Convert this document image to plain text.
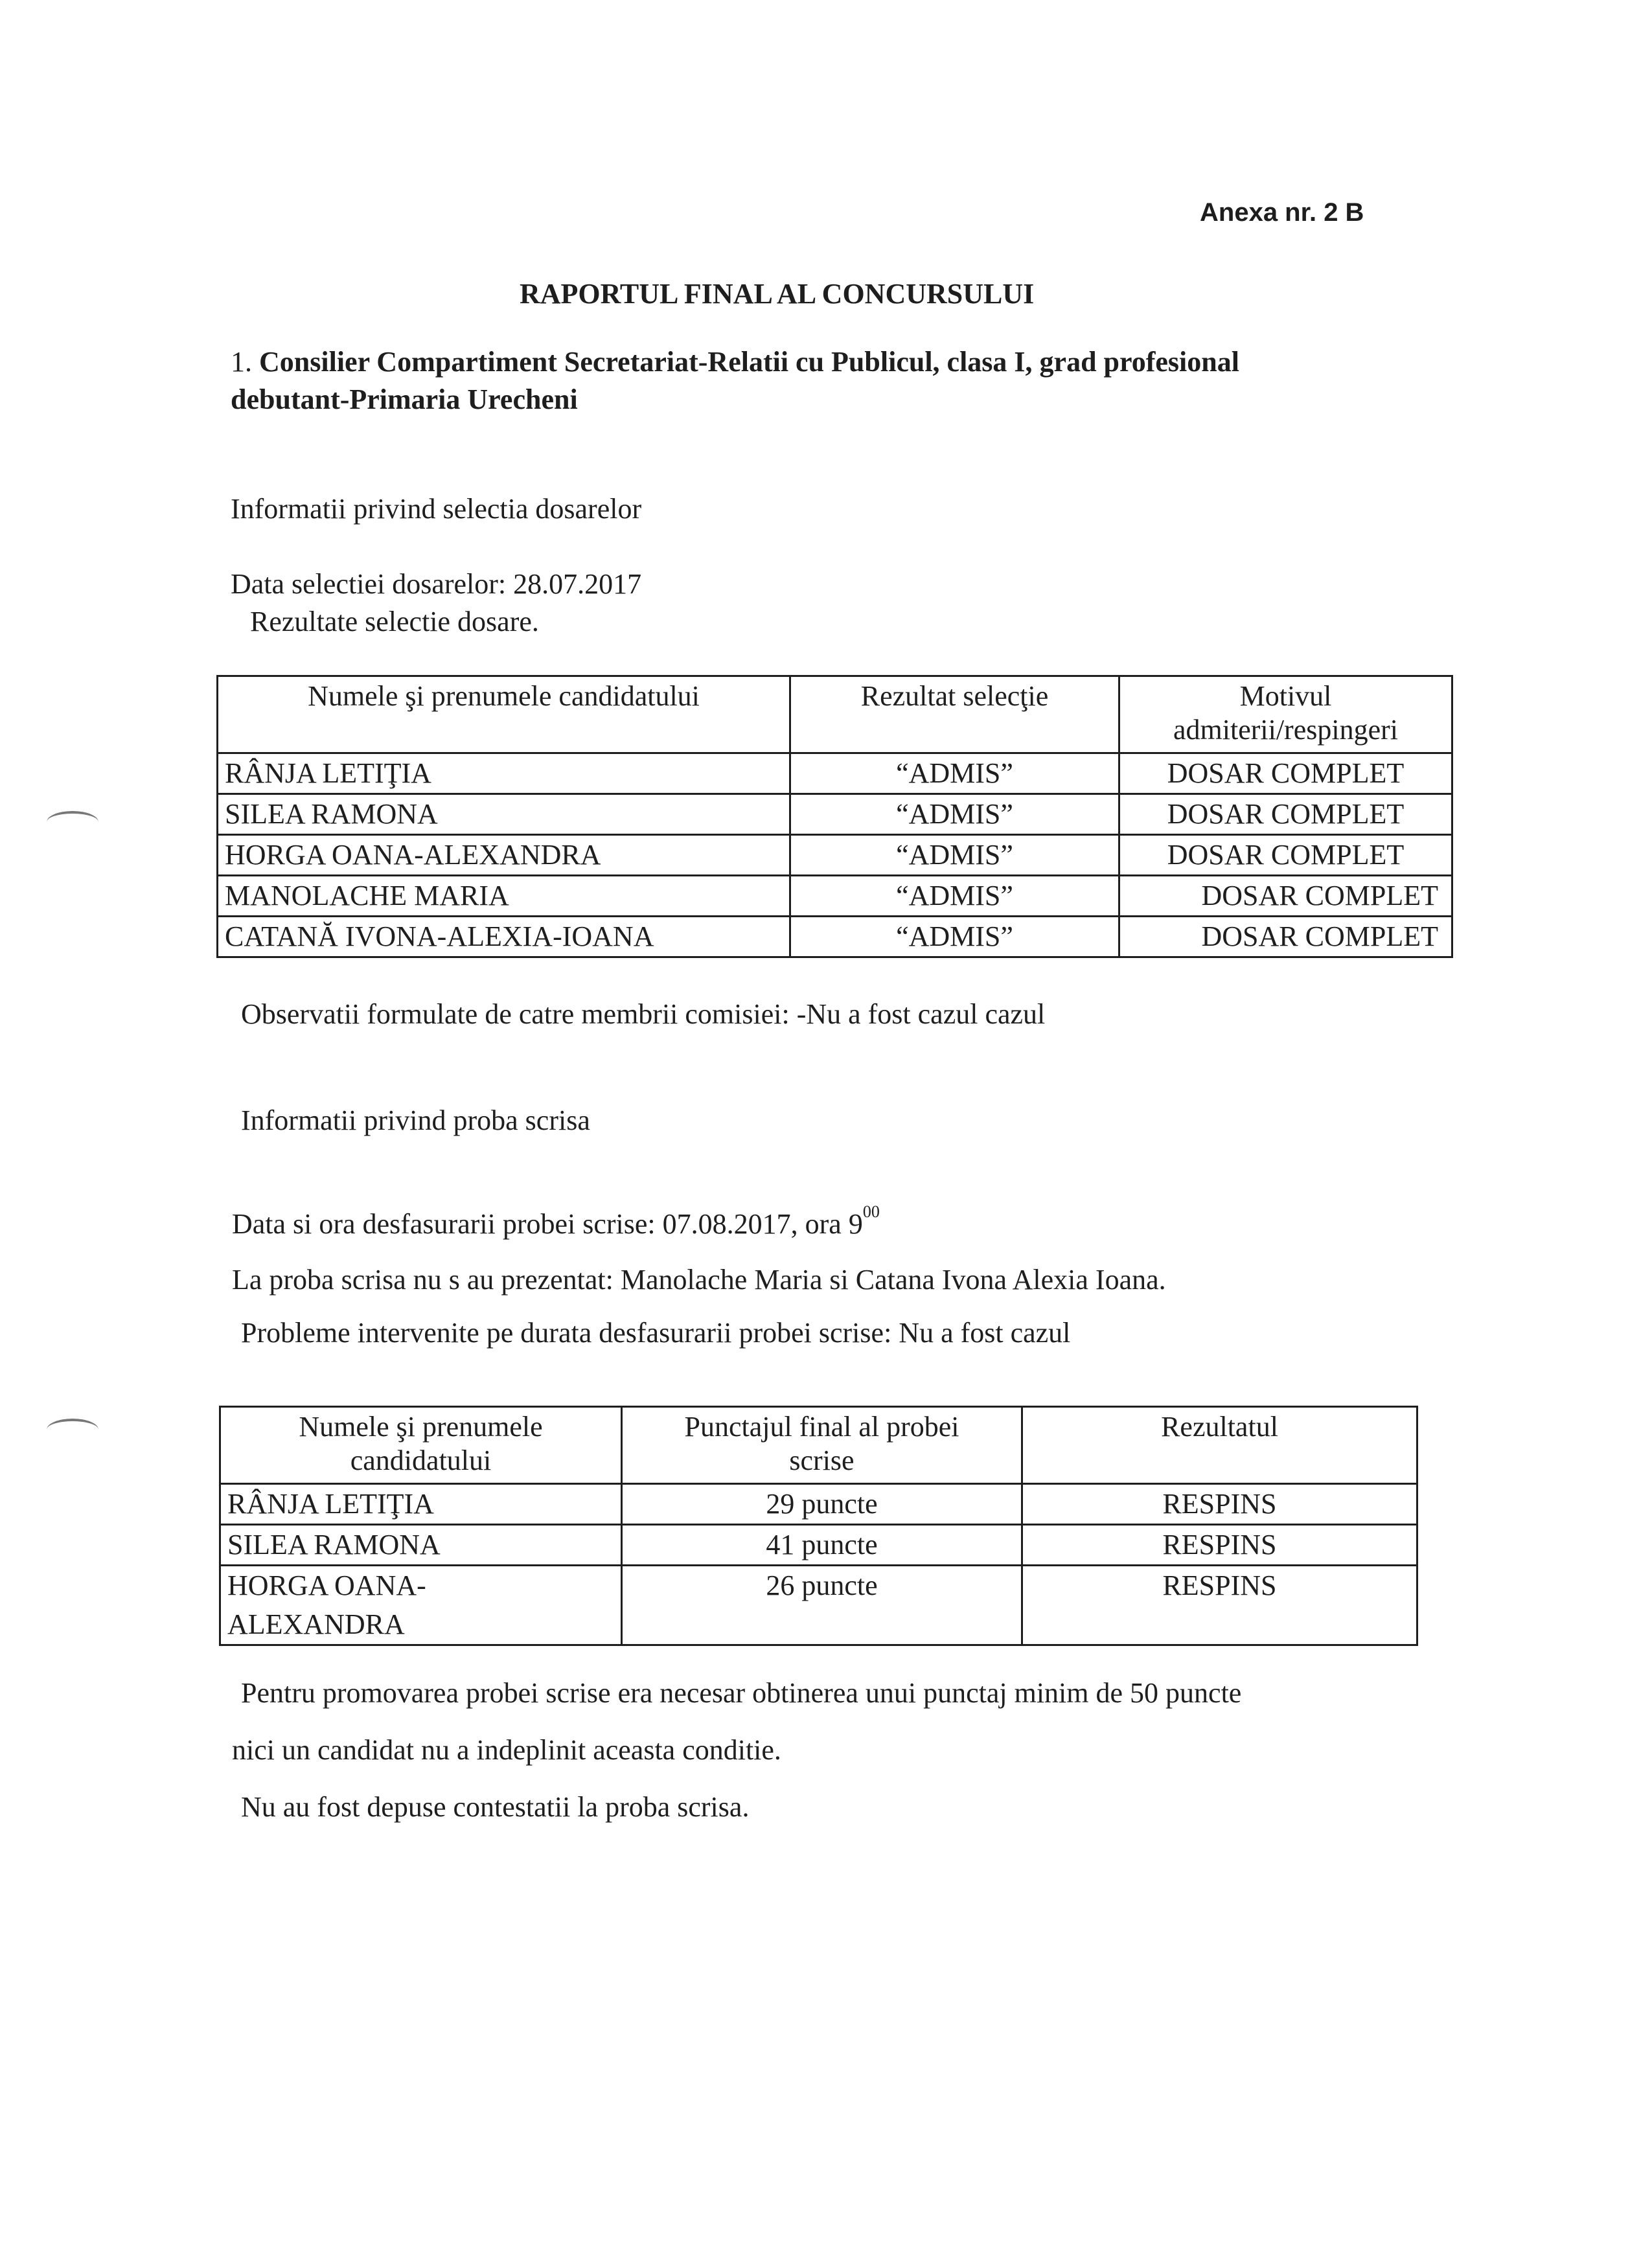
Anexa nr. 2 B
RAPORTUL FINAL AL CONCURSULUI
1. Consilier Compartiment Secretariat-Relatii cu Publicul, clasa I, grad profesional
debutant-Primaria Urecheni
Informatii privind selectia dosarelor
Data selectiei dosarelor: 28.07.2017
Rezultate selectie dosare.
Numele şi prenumele candidatului	Rezultat selecţie	Motivul admiterii/respingeri
RÂNJA LETIŢIA	“ADMIS”	DOSAR COMPLET
SILEA RAMONA	“ADMIS”	DOSAR COMPLET
HORGA OANA-ALEXANDRA	“ADMIS”	DOSAR COMPLET
MANOLACHE MARIA	“ADMIS”	DOSAR COMPLET
CATANĂ IVONA-ALEXIA-IOANA	“ADMIS”	DOSAR COMPLET
Observatii formulate de catre membrii comisiei: -Nu a fost cazul cazul
Informatii privind proba scrisa
Data si ora desfasurarii probei scrise: 07.08.2017, ora $9^{00}$
La proba scrisa nu s au prezentat: Manolache Maria si Catana Ivona Alexia Ioana.
Probleme intervenite pe durata desfasurarii probei scrise: Nu a fost cazul
Numele şi prenumele candidatului	Punctajul final al probei scrise	Rezultatul
RÂNJA LETIŢIA	29 puncte	RESPINS
SILEA RAMONA	41 puncte	RESPINS
HORGA OANA-ALEXANDRA	26 puncte	RESPINS
Pentru promovarea probei scrise era necesar obtinerea unui punctaj minim de 50 puncte
nici un candidat nu a indeplinit aceasta conditie.
Nu au fost depuse contestatii la proba scrisa.
